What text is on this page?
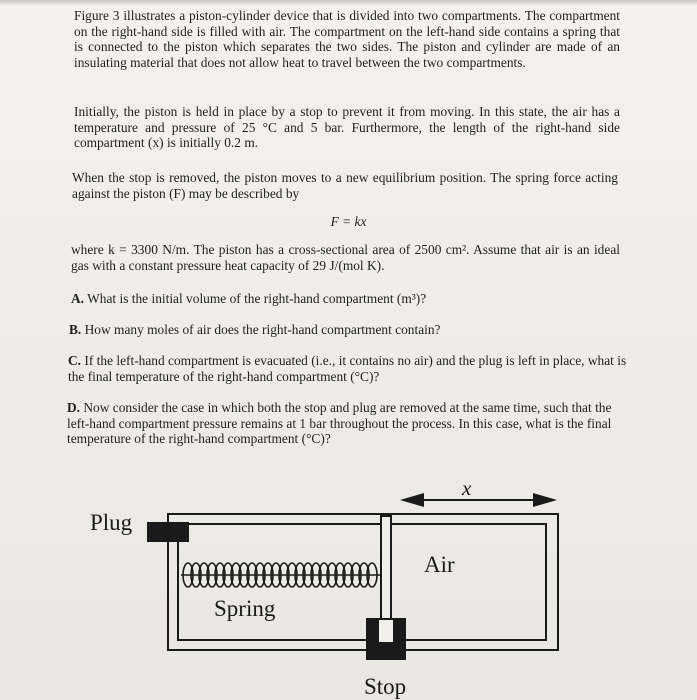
Figure 3 illustrates a piston-cylinder device that is divided into two compartments. The compartment on the right-hand side is filled with air. The compartment on the left-hand side contains a spring that is connected to the piston which separates the two sides. The piston and cylinder are made of an insulating material that does not allow heat to travel between the two compartments.

Initially, the piston is held in place by a stop to prevent it from moving. In this state, the air has a temperature and pressure of 25 °C and 5 bar. Furthermore, the length of the right-hand side compartment (x) is initially 0.2 m.

When the stop is removed, the piston moves to a new equilibrium position. The spring force acting against the piston (F) may be described by

F = kx

where k = 3300 N/m. The piston has a cross-sectional area of 2500 cm². Assume that air is an ideal gas with a constant pressure heat capacity of 29 J/(mol K).

A. What is the initial volume of the right-hand compartment (m³)?

B. How many moles of air does the right-hand compartment contain?

C. If the left-hand compartment is evacuated (i.e., it contains no air) and the plug is left in place, what is the final temperature of the right-hand compartment (°C)?

D. Now consider the case in which both the stop and plug are removed at the same time, such that the left-hand compartment pressure remains at 1 bar throughout the process. In this case, what is the final temperature of the right-hand compartment (°C)?

x
Plug
Air
Spring
Stop
